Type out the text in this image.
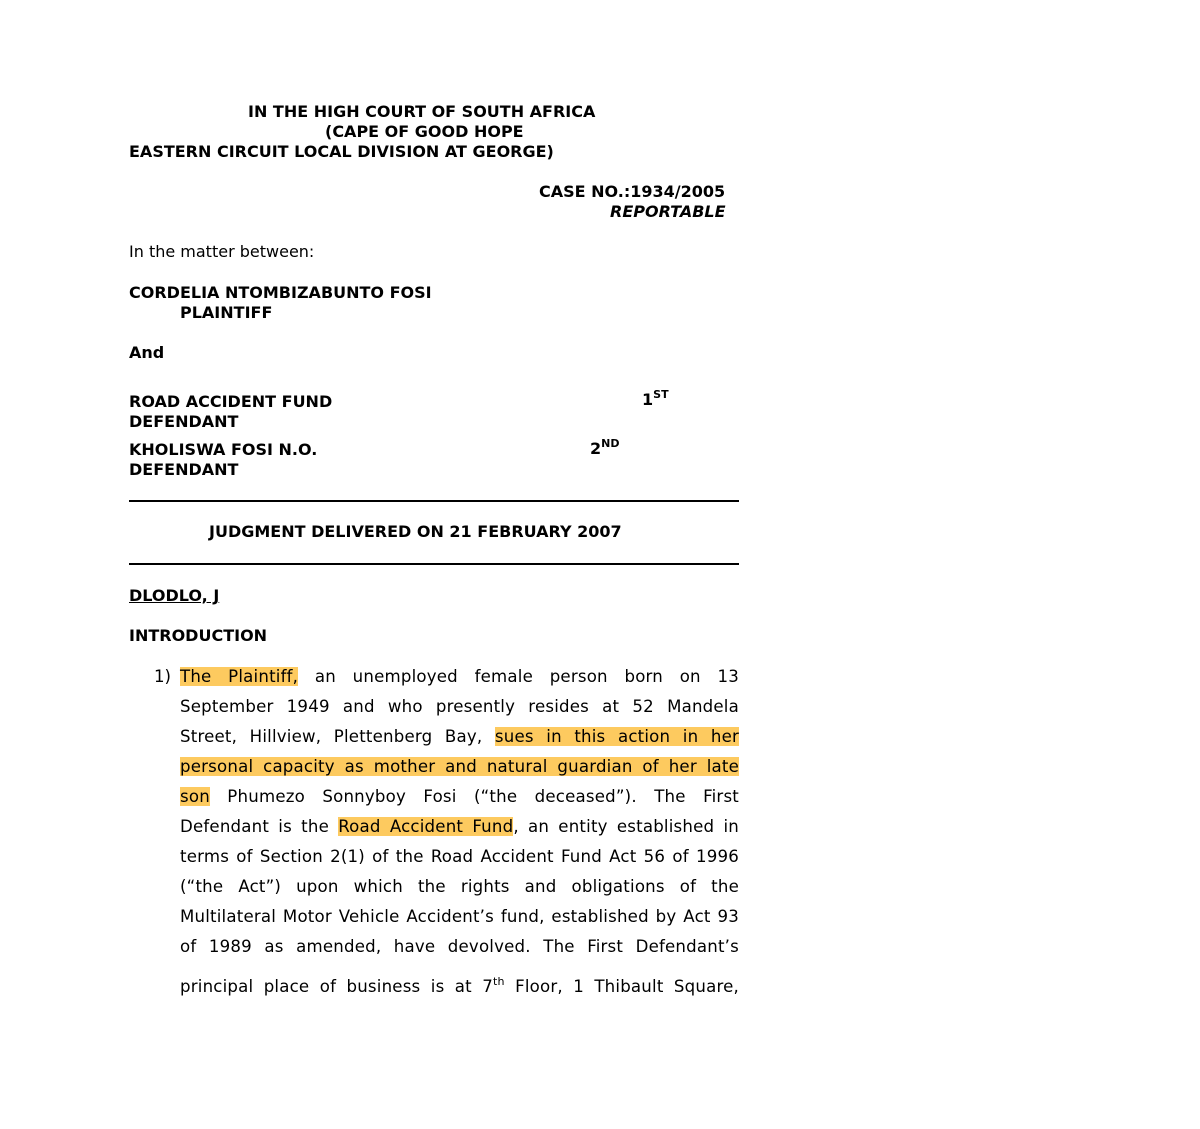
IN THE HIGH COURT OF SOUTH AFRICA
(CAPE OF GOOD HOPE
EASTERN CIRCUIT LOCAL DIVISION AT GEORGE)
CASE NO.:1934/2005
REPORTABLE
In the matter between:
CORDELIA NTOMBIZABUNTO FOSI
PLAINTIFF
And
ROAD ACCIDENT FUND	1ST
DEFENDANT
KHOLISWA FOSI N.O.	2ND
DEFENDANT
JUDGMENT DELIVERED ON 21 FEBRUARY 2007
DLODLO, J
INTRODUCTION
1) The Plaintiff, an unemployed female person born on 13
September 1949 and who presently resides at 52 Mandela
Street, Hillview, Plettenberg Bay, sues in this action in her
personal capacity as mother and natural guardian of her late
son Phumezo Sonnyboy Fosi (“the deceased”). The First
Defendant is the Road Accident Fund, an entity established in
terms of Section 2(1) of the Road Accident Fund Act 56 of 1996
(“the Act”) upon which the rights and obligations of the
Multilateral Motor Vehicle Accident’s fund, established by Act 93
of 1989 as amended, have devolved. The First Defendant’s
principal place of business is at 7th Floor, 1 Thibault Square,
